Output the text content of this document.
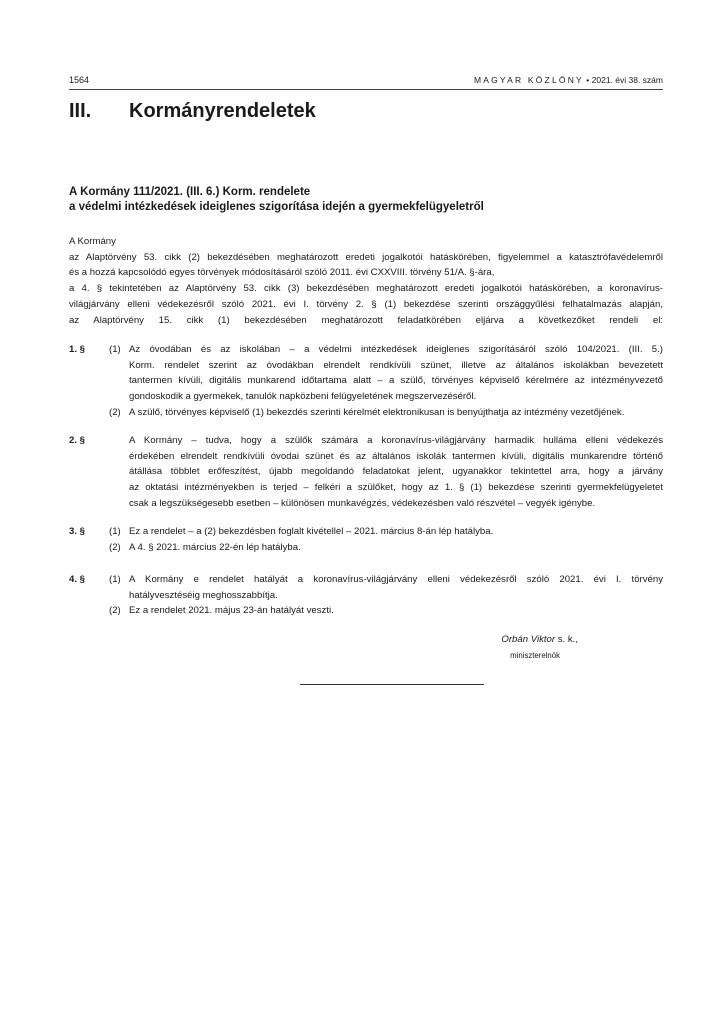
1564	MAGYAR KÖZLÖNY • 2021. évi 38. szám
III. Kormányrendeletek
A Kormány 111/2021. (III. 6.) Korm. rendelete
a védelmi intézkedések ideiglenes szigorítása idején a gyermekfelügyeletről
A Kormány
az Alaptörvény 53. cikk (2) bekezdésében meghatározott eredeti jogalkotói hatáskörében, figyelemmel a katasztrófavédelemről
és a hozzá kapcsolódó egyes törvények módosításáról szóló 2011. évi CXXVIII. törvény 51/A. §-ára,
a 4. § tekintetében az Alaptörvény 53. cikk (3) bekezdésében meghatározott eredeti jogalkotói hatáskörében, a koronavírus-
világjárvány elleni védekezésről szóló 2021. évi I. törvény 2. § (1) bekezdése szerinti országgyűlési felhatalmazás alapján,
az Alaptörvény 15. cikk (1) bekezdésében meghatározott feladatkörében eljárva a következőket rendeli el:
1. § (1) Az óvodában és az iskolában – a védelmi intézkedések ideiglenes szigorításáról szóló 104/2021. (III. 5.)
Korm. rendelet szerint az óvodákban elrendelt rendkívüli szünet, illetve az általános iskolákban bevezetett
tantermen kívüli, digitális munkarend időtartama alatt – a szülő, törvényes képviselő kérelmére az intézményvezető
gondoskodik a gyermekek, tanulók napközbeni felügyeletének megszervezéséről.
(2) A szülő, törvényes képviselő (1) bekezdés szerinti kérelmét elektronikusan is benyújthatja az intézmény vezetőjének.
2. §	A Kormány – tudva, hogy a szülők számára a koronavírus-világjárvány harmadik hulláma elleni védekezés
érdekében elrendelt rendkívüli óvodai szünet és az általános iskolák tantermen kívüli, digitális munkarendre történő
átállása többlet erőfeszítést, újabb megoldandó feladatokat jelent, ugyanakkor tekintettel arra, hogy a járvány
az oktatási intézményekben is terjed – felkéri a szülőket, hogy az 1. § (1) bekezdése szerinti gyermekfelügyeletet
csak a legszükségesebb esetben – különösen munkavégzés, védekezésben való részvétel – vegyék igénybe.
3. § (1) Ez a rendelet – a (2) bekezdésben foglalt kivétellel – 2021. március 8-án lép hatályba.
(2) A 4. § 2021. március 22-én lép hatályba.
4. § (1) A Kormány e rendelet hatályát a koronavírus-világjárvány elleni védekezésről szóló 2021. évi I. törvény
hatályvesztéséig meghosszabbítja.
(2) Ez a rendelet 2021. május 23-án hatályát veszti.
Orbán Viktor s. k.,
miniszterelnök
